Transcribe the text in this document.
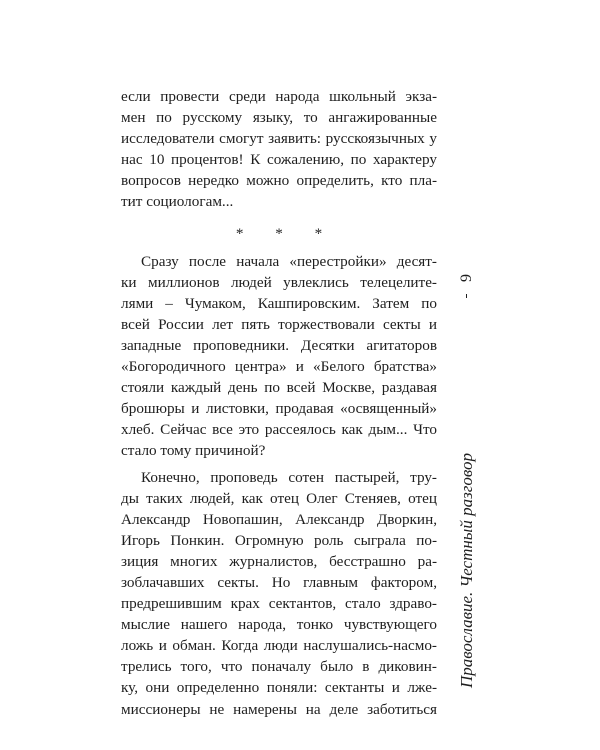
если провести среди народа школьный экза-
мен по русскому языку, то ангажированные
исследователи смогут заявить: русскоязычных у
нас 10 процентов! К сожалению, по характеру
вопросов нередко можно определить, кто пла-
тит социологам...
* * *
Сразу после начала «перестройки» десят-
ки миллионов людей увлеклись телецелите-
лями – Чумаком, Кашпировским. Затем по
всей России лет пять торжествовали секты и
западные проповедники. Десятки агитаторов
«Богородичного центра» и «Белого братства»
стояли каждый день по всей Москве, раздавая
брошюры и листовки, продавая «освященный»
хлеб. Сейчас все это рассеялось как дым... Что
стало тому причиной?
Конечно, проповедь сотен пастырей, тру-
ды таких людей, как отец Олег Стеняев, отец
Александр Новопашин, Александр Дворкин,
Игорь Понкин. Огромную роль сыграла по-
зиция многих журналистов, бесстрашно ра-
зоблачавших секты. Но главным фактором,
предрешившим крах сектантов, стало здраво-
мыслие нашего народа, тонко чувствующего
ложь и обман. Когда люди наслушались-насмо-
трелись того, что поначалу было в диковин-
ку, они определенно поняли: сектанты и лже-
миссионеры не намерены на деле заботиться
9
Православие. Честный разговор
